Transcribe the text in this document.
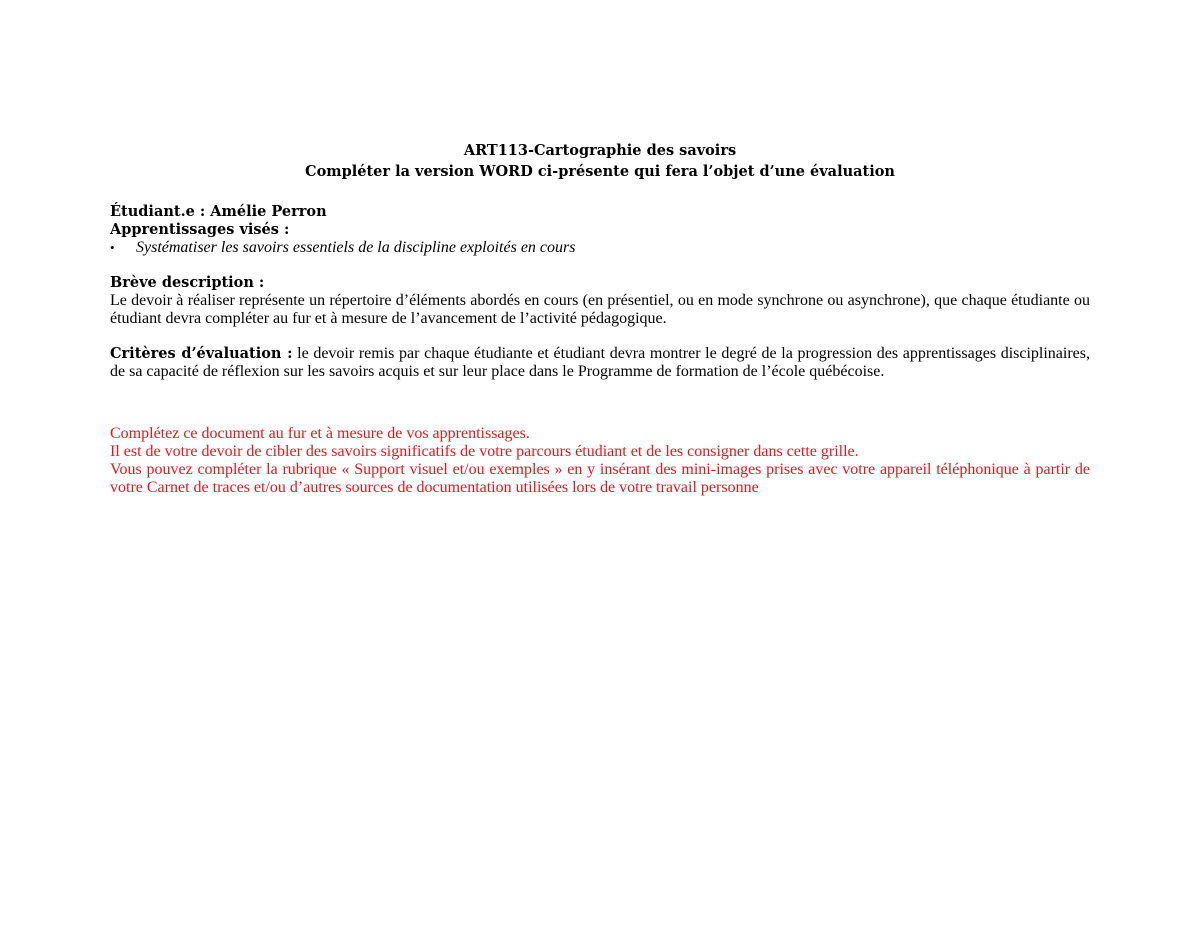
ART113-Cartographie des savoirs
Compléter la version WORD ci-présente qui fera l’objet d’une évaluation
Étudiant.e : Amélie Perron
Apprentissages visés :
•	Systématiser les savoirs essentiels de la discipline exploités en cours
Brève description :

Le devoir à réaliser représente un répertoire d’éléments abordés en cours (en présentiel, ou en mode synchrone ou asynchrone), que chaque étudiante ou étudiant devra compléter au fur et à mesure de l’avancement de l’activité pédagogique.

Critères d’évaluation : le devoir remis par chaque étudiante et étudiant devra montrer le degré de la progression des apprentissages disciplinaires, de sa capacité de réflexion sur les savoirs acquis et sur leur place dans le Programme de formation de l’école québécoise.

Complétez ce document au fur et à mesure de vos apprentissages.

Il est de votre devoir de cibler des savoirs significatifs de votre parcours étudiant et de les consigner dans cette grille.

Vous pouvez compléter la rubrique « Support visuel et/ou exemples » en y insérant des mini-images prises avec votre appareil téléphonique à partir de votre Carnet de traces et/ou d’autres sources de documentation utilisées lors de votre travail personne
